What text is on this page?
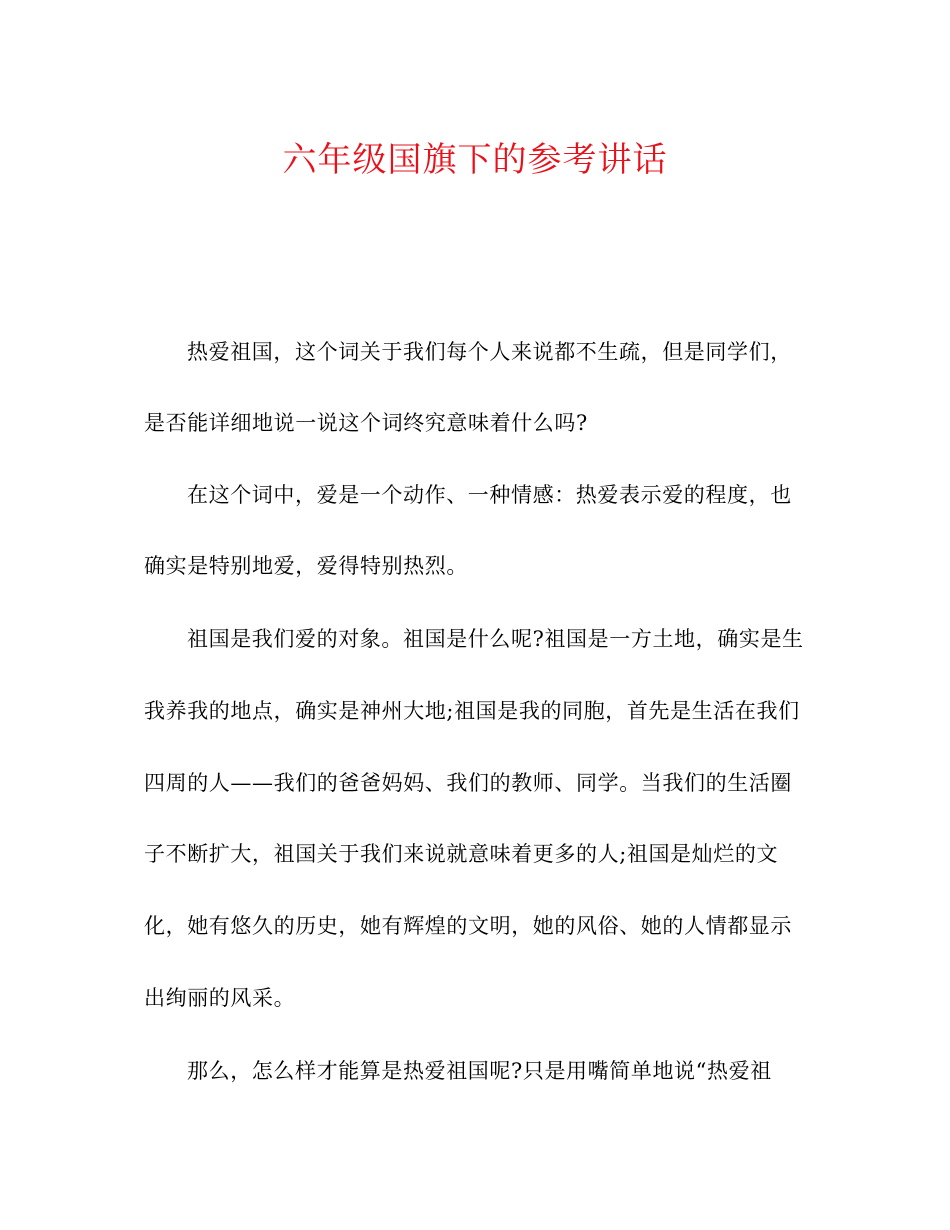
六年级国旗下的参考讲话
热爱祖国，这个词关于我们每个人来说都不生疏，但是同学们，
是否能详细地说一说这个词终究意味着什么吗?
在这个词中，爱是一个动作、一种情感：热爱表示爱的程度，也
确实是特别地爱，爱得特别热烈。
祖国是我们爱的对象。祖国是什么呢?祖国是一方土地，确实是生
我养我的地点，确实是神州大地;祖国是我的同胞，首先是生活在我们
四周的人——我们的爸爸妈妈、我们的教师、同学。当我们的生活圈
子不断扩大，祖国关于我们来说就意味着更多的人;祖国是灿烂的文
化，她有悠久的历史，她有辉煌的文明，她的风俗、她的人情都显示
出绚丽的风采。
那么，怎么样才能算是热爱祖国呢?只是用嘴简单地说“热爱祖
